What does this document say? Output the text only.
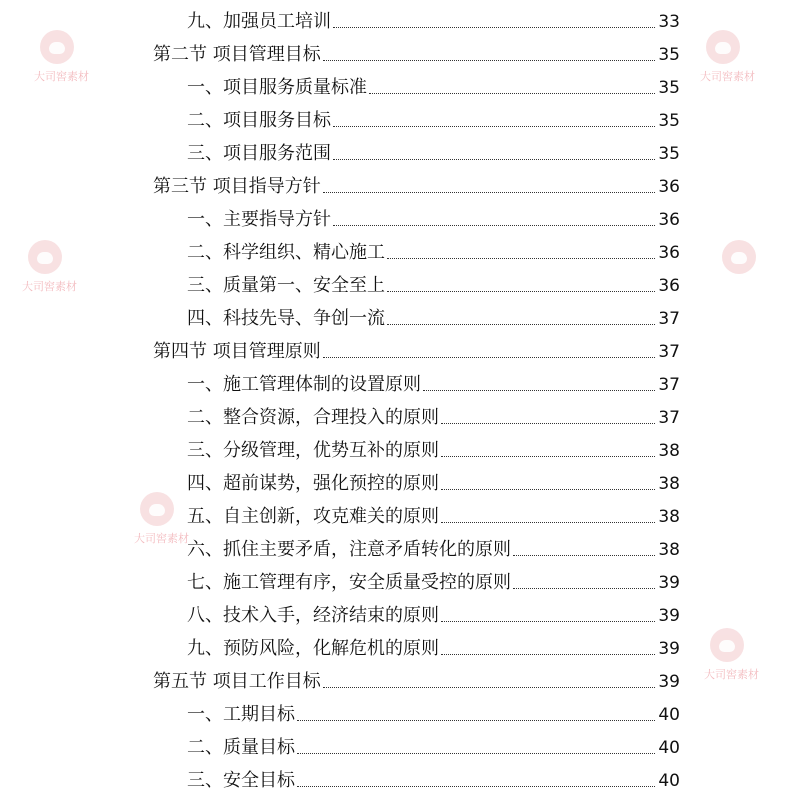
九、加强员工培训	33
第二节 项目管理目标	35
一、项目服务质量标准	35
二、项目服务目标	35
三、项目服务范围	35
第三节 项目指导方针	36
一、主要指导方针	36
二、科学组织、精心施工	36
三、质量第一、安全至上	36
四、科技先导、争创一流	37
第四节 项目管理原则	37
一、施工管理体制的设置原则	37
二、整合资源，合理投入的原则	37
三、分级管理，优势互补的原则	38
四、超前谋势，强化预控的原则	38
五、自主创新，攻克难关的原则	38
六、抓住主要矛盾，注意矛盾转化的原则	38
七、施工管理有序，安全质量受控的原则	39
八、技术入手，经济结束的原则	39
九、预防风险，化解危机的原则	39
第五节 项目工作目标	39
一、工期目标	40
二、质量目标	40
三、安全目标	40
大司窖素材	大司窖素材
大司窖素材
大司窖素材
大司窖素材
